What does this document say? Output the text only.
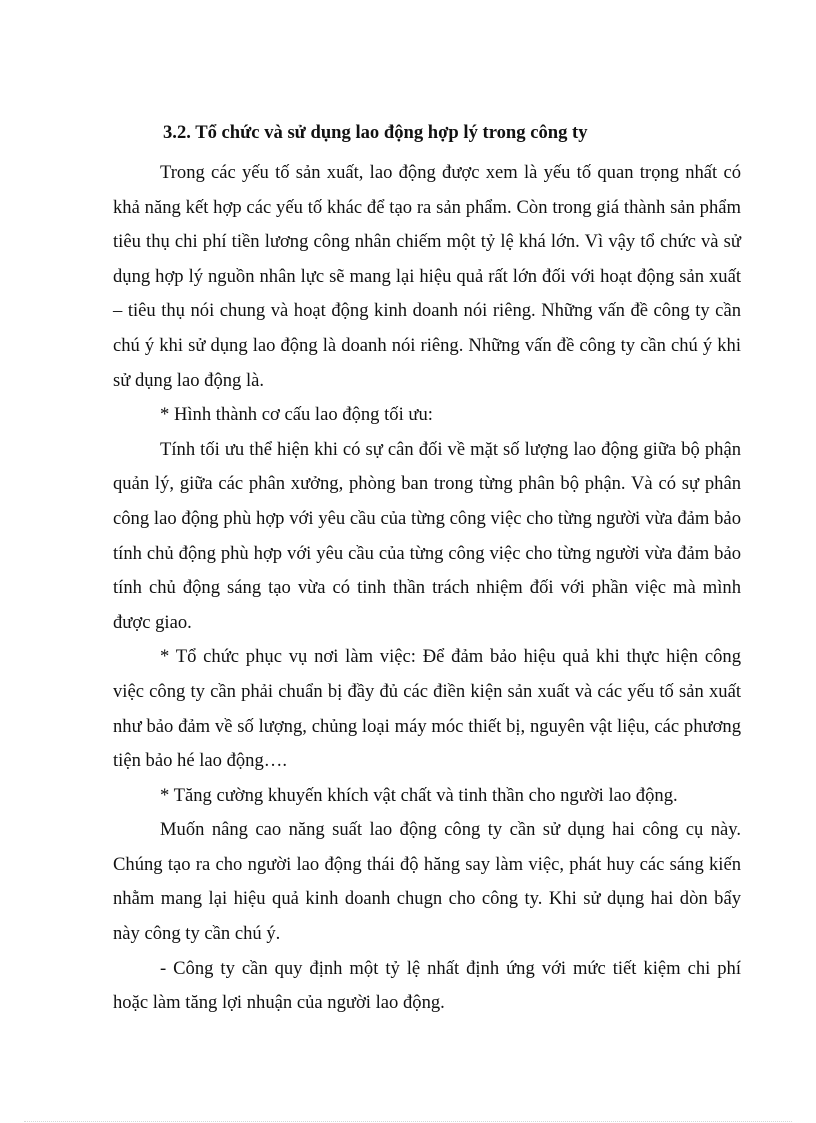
3.2. Tổ chức và sử dụng lao động hợp lý trong công ty

Trong các yếu tố sản xuất, lao động được xem là yếu tố quan trọng nhất có khả năng kết hợp các yếu tố khác để tạo ra sản phẩm. Còn trong giá thành sản phẩm tiêu thụ chi phí tiền lương công nhân chiếm một tỷ lệ khá lớn. Vì vậy tổ chức và sử dụng hợp lý nguồn nhân lực sẽ mang lại hiệu quả rất lớn đối với hoạt động sản xuất – tiêu thụ nói chung và hoạt động kinh doanh nói riêng. Những vấn đề công ty cần chú ý khi sử dụng lao động là doanh nói riêng. Những vấn đề công ty cần chú ý khi sử dụng lao động là.

* Hình thành cơ cấu lao động tối ưu:

Tính tối ưu thể hiện khi có sự cân đối về mặt số lượng lao động giữa bộ phận quản lý, giữa các phân xưởng, phòng ban trong từng phân bộ phận. Và có sự phân công lao động phù hợp với yêu cầu của từng công việc cho từng người vừa đảm bảo tính chủ động phù hợp với yêu cầu của từng công việc cho từng người vừa đảm bảo tính chủ động sáng tạo vừa có tinh thần trách nhiệm đối với phần việc mà mình được giao.

* Tổ chức phục vụ nơi làm việc: Để đảm bảo hiệu quả khi thực hiện công việc công ty cần phải chuẩn bị đầy đủ các điền kiện sản xuất và các yếu tố sản xuất như bảo đảm về số lượng, chủng loại máy móc thiết bị, nguyên vật liệu, các phương tiện bảo hé lao động….

* Tăng cường khuyến khích vật chất và tinh thần cho người lao động.

Muốn nâng cao năng suất lao động công ty cần sử dụng hai công cụ này. Chúng tạo ra cho người lao động thái độ hăng say làm việc, phát huy các sáng kiến nhằm mang lại hiệu quả kinh doanh chugn cho công ty. Khi sử dụng hai dòn bẩy này công ty cần chú ý.

- Công ty cần quy định một tỷ lệ nhất định ứng với mức tiết kiệm chi phí hoặc làm tăng lợi nhuận của người lao động.
